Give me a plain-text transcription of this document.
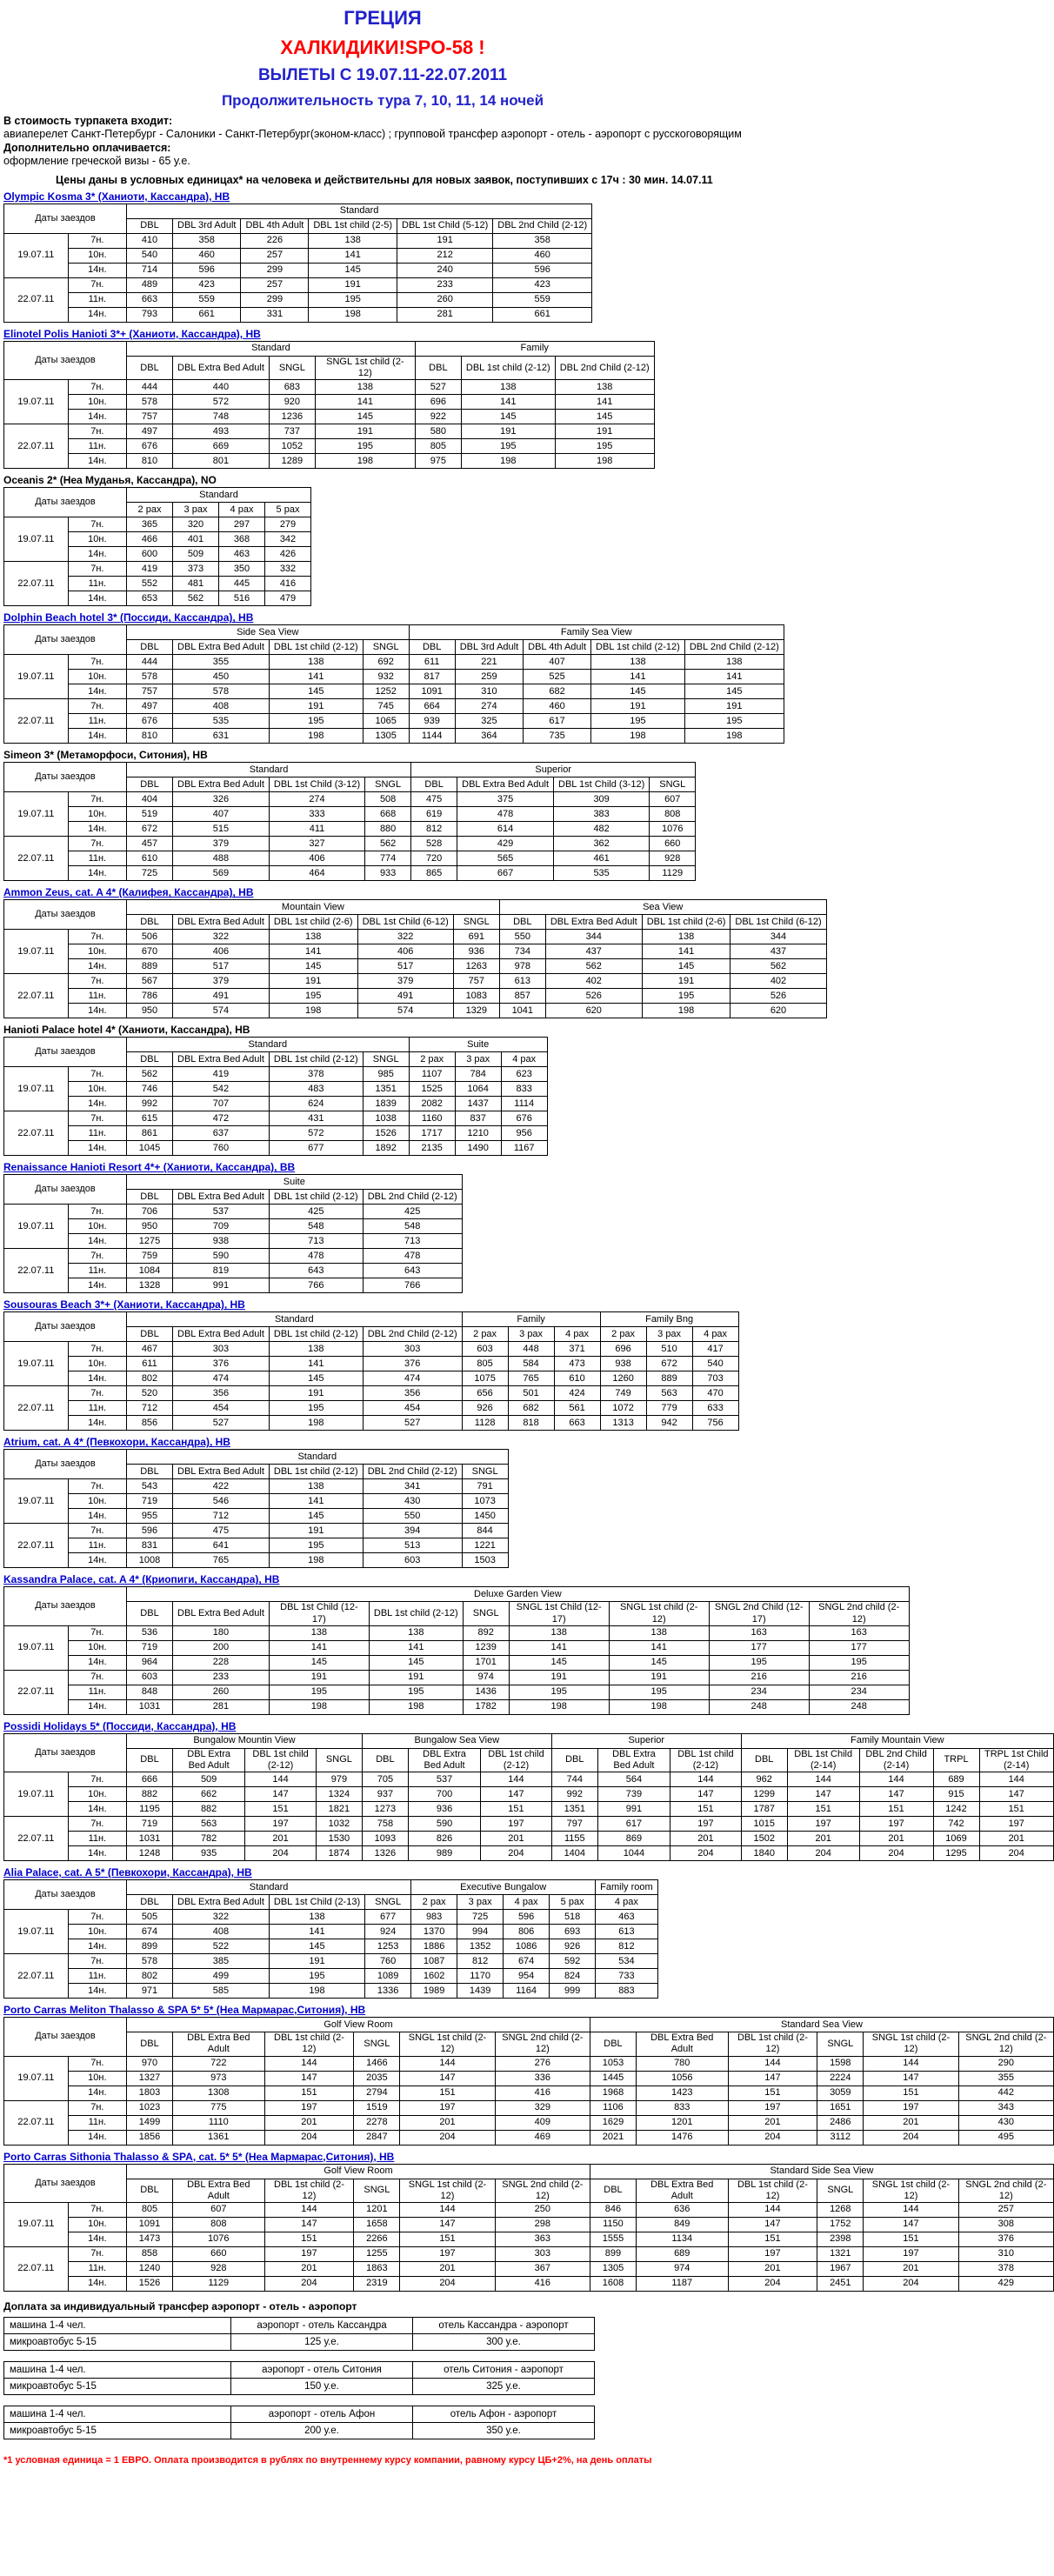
ГРЕЦИЯ
ХАЛКИДИКИ!SPO-58 !
ВЫЛЕТЫ С 19.07.11-22.07.2011
Продолжительность тура 7, 10, 11, 14 ночей
В стоимость турпакета входит:
авиаперелет Санкт-Петербург - Салоники - Санкт-Петербург(эконом-класс) ; групповой трансфер аэропорт - отель - аэропорт с русскоговорящим
Дополнительно оплачивается:
оформление греческой визы - 65 у.е.
Цены даны в условных единицах* на человека и действительны для новых заявок, поступивших с 17ч : 30 мин. 14.07.11
Olympic Kosma 3* (Ханиоти, Кассандра), НВ
Даты заездов		Standard					
		DBL	DBL 3rd Adult	DBL 4th Adult	DBL 1st child (2-5)	DBL 1st Child (5-12)	DBL 2nd Child (2-12)
19.07.11	7н.	410	358	226	138	191	358
	10н.	540	460	257	141	212	460
	14н.	714	596	299	145	240	596
22.07.11	7н.	489	423	257	191	233	423
	11н.	663	559	299	195	260	559
	14н.	793	661	331	198	281	661
Elinotel Polis Hanioti 3*+ (Ханиоти, Кассандра), НВ
Даты заездов		Standard				Family		
		DBL	DBL Extra Bed Adult	SNGL	SNGL 1st child (2-12)	DBL	DBL 1st child (2-12)	DBL 2nd Child (2-12)
19.07.11	7н.	444	440	683	138	527	138	138
	10н.	578	572	920	141	696	141	141
	14н.	757	748	1236	145	922	145	145
22.07.11	7н.	497	493	737	191	580	191	191
	11н.	676	669	1052	195	805	195	195
	14н.	810	801	1289	198	975	198	198
Oceanis 2* (Неа Муданья, Кассандра), NO
Даты заездов		Standard			
		2 pax	3 pax	4 pax	5 pax
19.07.11	7н.	365	320	297	279
	10н.	466	401	368	342
	14н.	600	509	463	426
22.07.11	7н.	419	373	350	332
	11н.	552	481	445	416
	14н.	653	562	516	479
Dolphin Beach hotel 3* (Поссиди, Кассандра), НВ
Даты заездов		Side Sea View				Family Sea View				
		DBL	DBL Extra Bed Adult	DBL 1st child (2-12)	SNGL	DBL	DBL 3rd Adult	DBL 4th Adult	DBL 1st child (2-12)	DBL 2nd Child (2-12)
19.07.11	7н.	444	355	138	692	611	221	407	138	138
	10н.	578	450	141	932	817	259	525	141	141
	14н.	757	578	145	1252	1091	310	682	145	145
22.07.11	7н.	497	408	191	745	664	274	460	191	191
	11н.	676	535	195	1065	939	325	617	195	195
	14н.	810	631	198	1305	1144	364	735	198	198
Simeon 3* (Метаморфоси, Ситония), НВ
Даты заездов		Standard				Superior			
		DBL	DBL Extra Bed Adult	DBL 1st Child (3-12)	SNGL	DBL	DBL Extra Bed Adult	DBL 1st Child (3-12)	SNGL
19.07.11	7н.	404	326	274	508	475	375	309	607
	10н.	519	407	333	668	619	478	383	808
	14н.	672	515	411	880	812	614	482	1076
22.07.11	7н.	457	379	327	562	528	429	362	660
	11н.	610	488	406	774	720	565	461	928
	14н.	725	569	464	933	865	667	535	1129
Ammon Zeus, cat. A 4* (Калифея, Кассандра), НВ
Даты заездов		Mountain View					Sea View			
		DBL	DBL Extra Bed Adult	DBL 1st child (2-6)	DBL 1st Child (6-12)	SNGL	DBL	DBL Extra Bed Adult	DBL 1st child (2-6)	DBL 1st Child (6-12)
19.07.11	7н.	506	322	138	322	691	550	344	138	344
	10н.	670	406	141	406	936	734	437	141	437
	14н.	889	517	145	517	1263	978	562	145	562
22.07.11	7н.	567	379	191	379	757	613	402	191	402
	11н.	786	491	195	491	1083	857	526	195	526
	14н.	950	574	198	574	1329	1041	620	198	620
Hanioti Palace hotel 4* (Ханиоти, Кассандра), НВ
Даты заездов		Standard				Suite		
		DBL	DBL Extra Bed Adult	DBL 1st child (2-12)	SNGL	2 pax	3 pax	4 pax
19.07.11	7н.	562	419	378	985	1107	784	623
	10н.	746	542	483	1351	1525	1064	833
	14н.	992	707	624	1839	2082	1437	1114
22.07.11	7н.	615	472	431	1038	1160	837	676
	11н.	861	637	572	1526	1717	1210	956
	14н.	1045	760	677	1892	2135	1490	1167
Renaissance Hanioti Resort 4*+ (Ханиоти, Кассандра), ВВ
Даты заездов		Suite			
		DBL	DBL Extra Bed Adult	DBL 1st child (2-12)	DBL 2nd Child (2-12)
19.07.11	7н.	706	537	425	425
	10н.	950	709	548	548
	14н.	1275	938	713	713
22.07.11	7н.	759	590	478	478
	11н.	1084	819	643	643
	14н.	1328	991	766	766
Sousouras Beach 3*+ (Ханиоти, Кассандра), НВ
Даты заездов		Standard				Family			Family Bng		
		DBL	DBL Extra Bed Adult	DBL 1st child (2-12)	DBL 2nd Child (2-12)	2 pax	3 pax	4 pax	2 pax	3 pax	4 pax
19.07.11	7н.	467	303	138	303	603	448	371	696	510	417
	10н.	611	376	141	376	805	584	473	938	672	540
	14н.	802	474	145	474	1075	765	610	1260	889	703
22.07.11	7н.	520	356	191	356	656	501	424	749	563	470
	11н.	712	454	195	454	926	682	561	1072	779	633
	14н.	856	527	198	527	1128	818	663	1313	942	756
Atrium, cat. A 4* (Певкохори, Кассандра), НВ
Даты заездов		Standard				
		DBL	DBL Extra Bed Adult	DBL 1st child (2-12)	DBL 2nd Child (2-12)	SNGL
19.07.11	7н.	543	422	138	341	791
	10н.	719	546	141	430	1073
	14н.	955	712	145	550	1450
22.07.11	7н.	596	475	191	394	844
	11н.	831	641	195	513	1221
	14н.	1008	765	198	603	1503
Kassandra Palace, cat. A 4* (Криопиги, Кассандра), НВ
Даты заездов		Deluxe Garden View								
		DBL	DBL Extra Bed Adult	DBL 1st Child (12-17)	DBL 1st child (2-12)	SNGL	SNGL 1st Child (12-17)	SNGL 1st child (2-12)	SNGL 2nd Child (12-17)	SNGL 2nd child (2-12)
19.07.11	7н.	536	180	138	138	892	138	138	163	163
	10н.	719	200	141	141	1239	141	141	177	177
	14н.	964	228	145	145	1701	145	145	195	195
22.07.11	7н.	603	233	191	191	974	191	191	216	216
	11н.	848	260	195	195	1436	195	195	234	234
	14н.	1031	281	198	198	1782	198	198	248	248
Possidi Holidays 5* (Поссиди, Кассандра), НВ
Даты заездов		Bungalow Mountin View				Bungalow Sea View			Superior			Family Mountain View				
		DBL	DBL Extra Bed Adult	DBL 1st child (2-12)	SNGL	DBL	DBL Extra Bed Adult	DBL 1st child (2-12)	DBL	DBL Extra Bed Adult	DBL 1st child (2-12)	DBL	DBL 1st Child (2-14)	DBL 2nd Child (2-14)	TRPL	TRPL 1st Child (2-14)
19.07.11	7н.	666	509	144	979	705	537	144	744	564	144	962	144	144	689	144
	10н.	882	662	147	1324	937	700	147	992	739	147	1299	147	147	915	147
	14н.	1195	882	151	1821	1273	936	151	1351	991	151	1787	151	151	1242	151
22.07.11	7н.	719	563	197	1032	758	590	197	797	617	197	1015	197	197	742	197
	11н.	1031	782	201	1530	1093	826	201	1155	869	201	1502	201	201	1069	201
	14н.	1248	935	204	1874	1326	989	204	1404	1044	204	1840	204	204	1295	204
Alia Palace, cat. A 5* (Певкохори, Кассандра), НВ
Даты заездов		Standard				Executive Bungalow				Family room
		DBL	DBL Extra Bed Adult	DBL 1st Child (2-13)	SNGL	2 pax	3 pax	4 pax	5 pax	4 pax
19.07.11	7н.	505	322	138	677	983	725	596	518	463
	10н.	674	408	141	924	1370	994	806	693	613
	14н.	899	522	145	1253	1886	1352	1086	926	812
22.07.11	7н.	578	385	191	760	1087	812	674	592	534
	11н.	802	499	195	1089	1602	1170	954	824	733
	14н.	971	585	198	1336	1989	1439	1164	999	883
Porto Carras Meliton Thalasso & SPA 5* 5* (Неа Мармарас,Ситония), НВ
Даты заездов		Golf View Room						Standard Sea View					
		DBL	DBL Extra Bed Adult	DBL 1st child (2-12)	SNGL	SNGL 1st child (2-12)	SNGL 2nd child (2-12)	DBL	DBL Extra Bed Adult	DBL 1st child (2-12)	SNGL	SNGL 1st child (2-12)	SNGL 2nd child (2-12)
19.07.11	7н.	970	722	144	1466	144	276	1053	780	144	1598	144	290
	10н.	1327	973	147	2035	147	336	1445	1056	147	2224	147	355
	14н.	1803	1308	151	2794	151	416	1968	1423	151	3059	151	442
22.07.11	7н.	1023	775	197	1519	197	329	1106	833	197	1651	197	343
	11н.	1499	1110	201	2278	201	409	1629	1201	201	2486	201	430
	14н.	1856	1361	204	2847	204	469	2021	1476	204	3112	204	495
Porto Carras Sithonia Thalasso & SPA, cat. 5* 5* (Неа Мармарас,Ситония), НВ
Даты заездов		Golf View Room						Standard Side Sea View					
		DBL	DBL Extra Bed Adult	DBL 1st child (2-12)	SNGL	SNGL 1st child (2-12)	SNGL 2nd child (2-12)	DBL	DBL Extra Bed Adult	DBL 1st child (2-12)	SNGL	SNGL 1st child (2-12)	SNGL 2nd child (2-12)
19.07.11	7н.	805	607	144	1201	144	250	846	636	144	1268	144	257
	10н.	1091	808	147	1658	147	298	1150	849	147	1752	147	308
	14н.	1473	1076	151	2266	151	363	1555	1134	151	2398	151	376
22.07.11	7н.	858	660	197	1255	197	303	899	689	197	1321	197	310
	11н.	1240	928	201	1863	201	367	1305	974	201	1967	201	378
	14н.	1526	1129	204	2319	204	416	1608	1187	204	2451	204	429
Доплата за индивидуальный трансфер аэропорт - отель - аэропорт
машина 1-4 чел.	аэропорт - отель Кассандра	отель Кассандра - аэропорт
микроавтобус 5-15	125 у.е.	300 у.е.
машина 1-4 чел.	аэропорт - отель Ситония	отель Ситония - аэропорт
микроавтобус 5-15	150 у.е.	325 у.е.
машина 1-4 чел.	аэропорт - отель Афон	отель Афон - аэропорт
микроавтобус 5-15	200 у.е.	350 у.е.
*1 условная единица = 1 ЕВРО. Оплата производится в рублях по внутреннему курсу компании, равному курсу ЦБ+2%, на день оплаты
